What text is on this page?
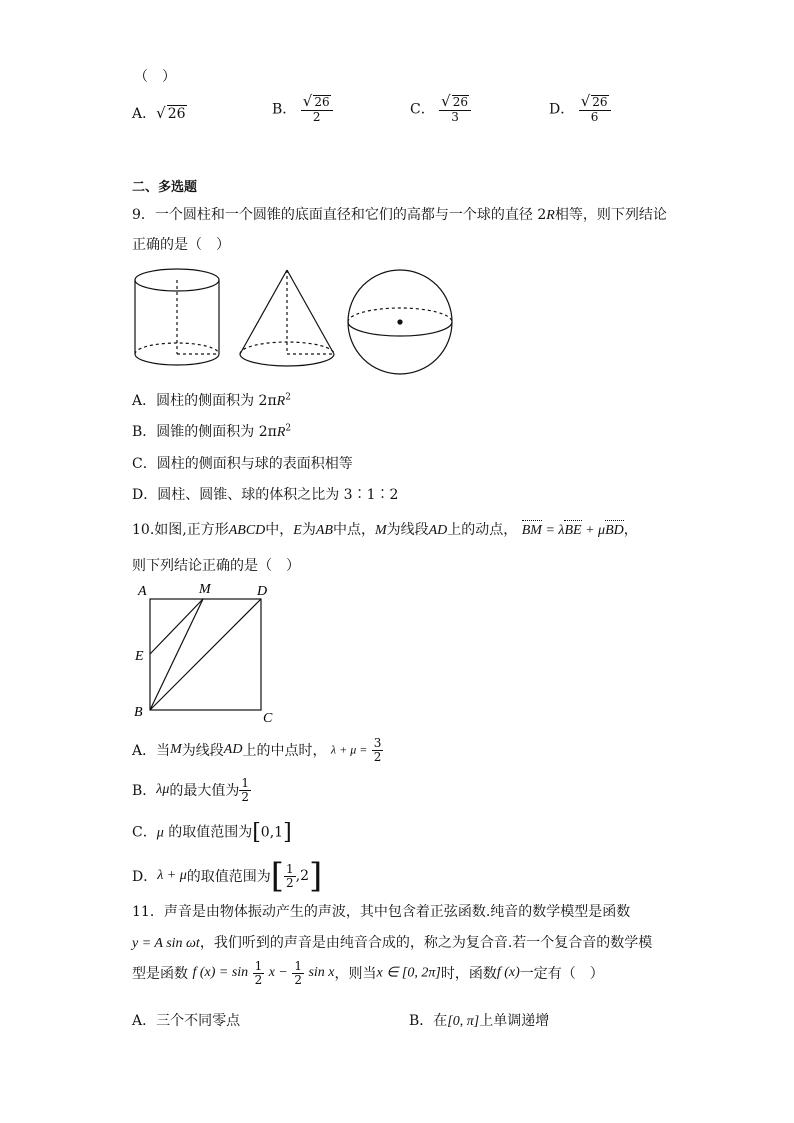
（　）
A．√ 26	B． $\frac{√ 26}{2}$	C． $\frac{√ 26}{3}$	D． $\frac{√ 26}{6}$
二、多选题
9．一个圆柱和一个圆锥的底面直径和它们的高都与一个球的直径 2R相等，则下列结论
正确的是（　）
A．圆柱的侧面积为 $2\pi R^2$
B．圆锥的侧面积为 $2\pi R^2$
C．圆柱的侧面积与球的表面积相等
D．圆柱、圆锥、球的体积之比为 3∶1∶2
10.如图,正方形ABCD中，E为AB中点，M为线段AD上的动点， BM = λBE + μBD，
则下列结论正确的是（　）
A	M	D
E
B	C
A．当M为线段AD上的中点时， $\lambda + \mu = \frac{3}{2}$
B．λμ的最大值为 $\frac{1}{2}$
C．μ 的取值范围为[0,1]
D．λ + μ的取值范围为[ $\frac{1}{2} ,2$]
11．声音是由物体振动产生的声波，其中包含着正弦函数.纯音的数学模型是函数
y = A sin ωt，我们听到的声音是由纯音合成的，称之为复合音.若一个复合音的数学模
型是函数 f $(x) = \sin \frac{1}{2}$ $x - \frac{1}{2}$ sin x，则当x ∈ [0, 2π]时，函数f (x)一定有（　）
A．三个不同零点	B．在[0, π]上单调递增
